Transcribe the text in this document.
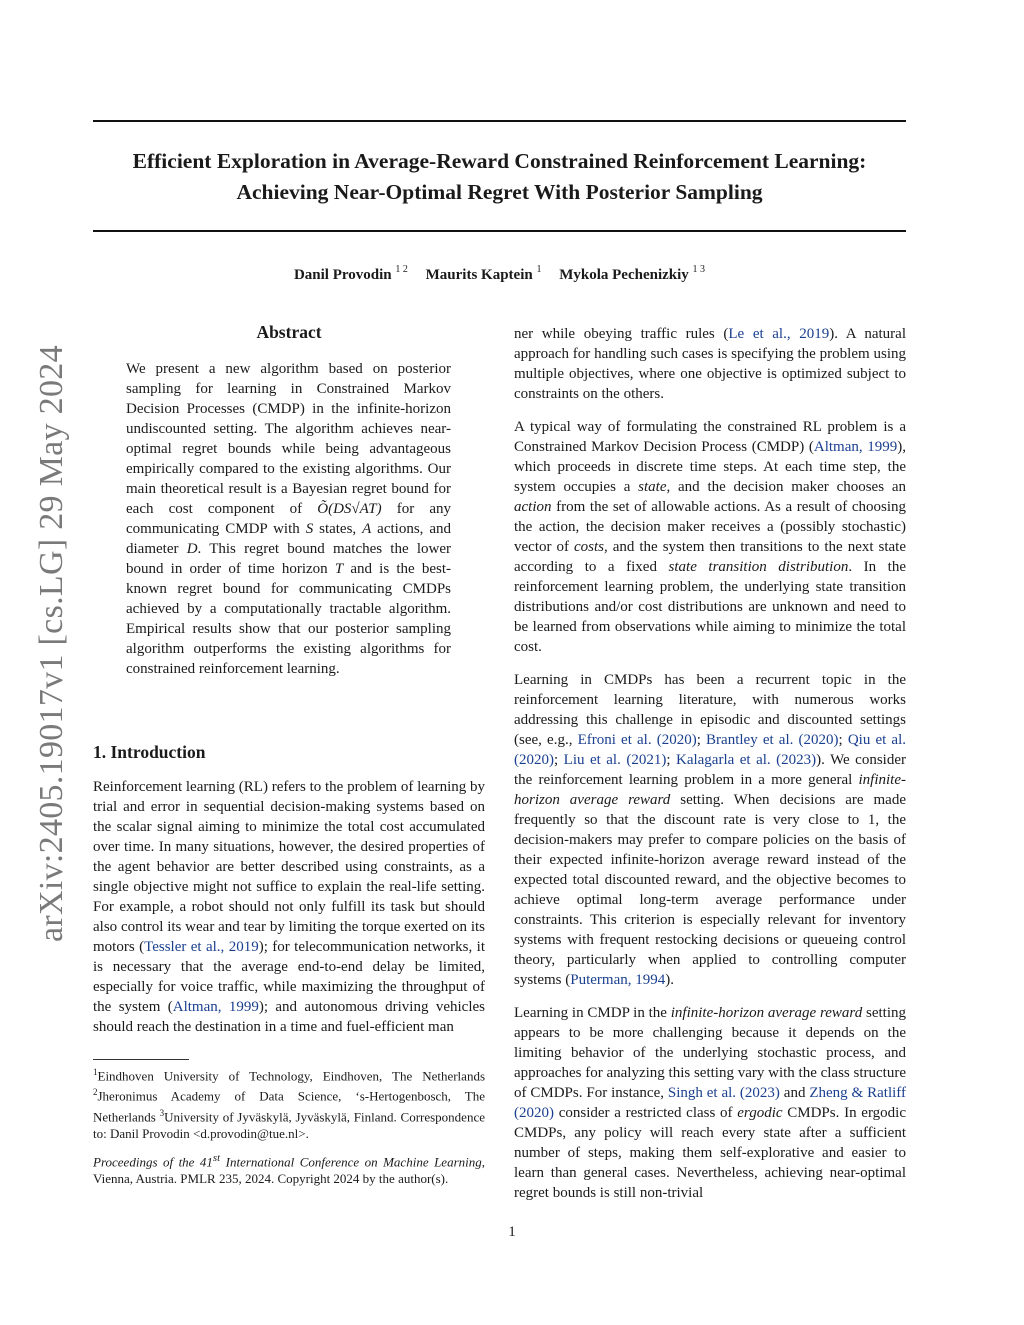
Efficient Exploration in Average-Reward Constrained Reinforcement Learning:
Achieving Near-Optimal Regret With Posterior Sampling
Danil Provodin $^{1 2}$ Maurits Kaptein $^1$ Mykola Pechenizkiy $^{1 3}$
arXiv:2405.19017v1 [cs.LG] 29 May 2024
Abstract

We present a new algorithm based on posterior sampling for learning in Constrained Markov Decision Processes (CMDP) in the infinite-horizon undiscounted setting. The algorithm achieves near-optimal regret bounds while being advantageous empirically compared to the existing algorithms. Our main theoretical result is a Bayesian regret bound for each cost component of Õ(DS√AT) for any communicating CMDP with S states, A actions, and diameter D. This regret bound matches the lower bound in order of time horizon T and is the best-known regret bound for communicating CMDPs achieved by a computationally tractable algorithm. Empirical results show that our posterior sampling algorithm outperforms the existing algorithms for constrained reinforcement learning.

1. Introduction

Reinforcement learning (RL) refers to the problem of learning by trial and error in sequential decision-making systems based on the scalar signal aiming to minimize the total cost accumulated over time. In many situations, however, the desired properties of the agent behavior are better described using constraints, as a single objective might not suffice to explain the real-life setting. For example, a robot should not only fulfill its task but should also control its wear and tear by limiting the torque exerted on its motors (Tessler et al., 2019); for telecommunication networks, it is necessary that the average end-to-end delay be limited, especially for voice traffic, while maximizing the throughput of the system (Altman, 1999); and autonomous driving vehicles should reach the destination in a time and fuel-efficient man

$^1$Eindhoven University of Technology, Eindhoven, The Netherlands $^2$Jheronimus Academy of Data Science, ‘s-Hertogenbosch, The Netherlands $^3$University of Jyväskylä, Jyväskylä, Finland. Correspondence to: Danil Provodin <d.provodin@tue.nl>.

Proceedings of the 41st International Conference on Machine Learning, Vienna, Austria. PMLR 235, 2024. Copyright 2024 by the author(s).

ner while obeying traffic rules (Le et al., 2019). A natural approach for handling such cases is specifying the problem using multiple objectives, where one objective is optimized subject to constraints on the others.

A typical way of formulating the constrained RL problem is a Constrained Markov Decision Process (CMDP) (Altman, 1999), which proceeds in discrete time steps. At each time step, the system occupies a state, and the decision maker chooses an action from the set of allowable actions. As a result of choosing the action, the decision maker receives a (possibly stochastic) vector of costs, and the system then transitions to the next state according to a fixed state transition distribution. In the reinforcement learning problem, the underlying state transition distributions and/or cost distributions are unknown and need to be learned from observations while aiming to minimize the total cost.

Learning in CMDPs has been a recurrent topic in the reinforcement learning literature, with numerous works addressing this challenge in episodic and discounted settings (see, e.g., Efroni et al. (2020); Brantley et al. (2020); Qiu et al. (2020); Liu et al. (2021); Kalagarla et al. (2023)). We consider the reinforcement learning problem in a more general infinite-horizon average reward setting. When decisions are made frequently so that the discount rate is very close to 1, the decision-makers may prefer to compare policies on the basis of their expected infinite-horizon average reward instead of the expected total discounted reward, and the objective becomes to achieve optimal long-term average performance under constraints. This criterion is especially relevant for inventory systems with frequent restocking decisions or queueing control theory, particularly when applied to controlling computer systems (Puterman, 1994).

Learning in CMDP in the infinite-horizon average reward setting appears to be more challenging because it depends on the limiting behavior of the underlying stochastic process, and approaches for analyzing this setting vary with the class structure of CMDPs. For instance, Singh et al. (2023) and Zheng & Ratliff (2020) consider a restricted class of ergodic CMDPs. In ergodic CMDPs, any policy will reach every state after a sufficient number of steps, making them self-explorative and easier to learn than general cases. Nevertheless, achieving near-optimal regret bounds is still non-trivial

1
